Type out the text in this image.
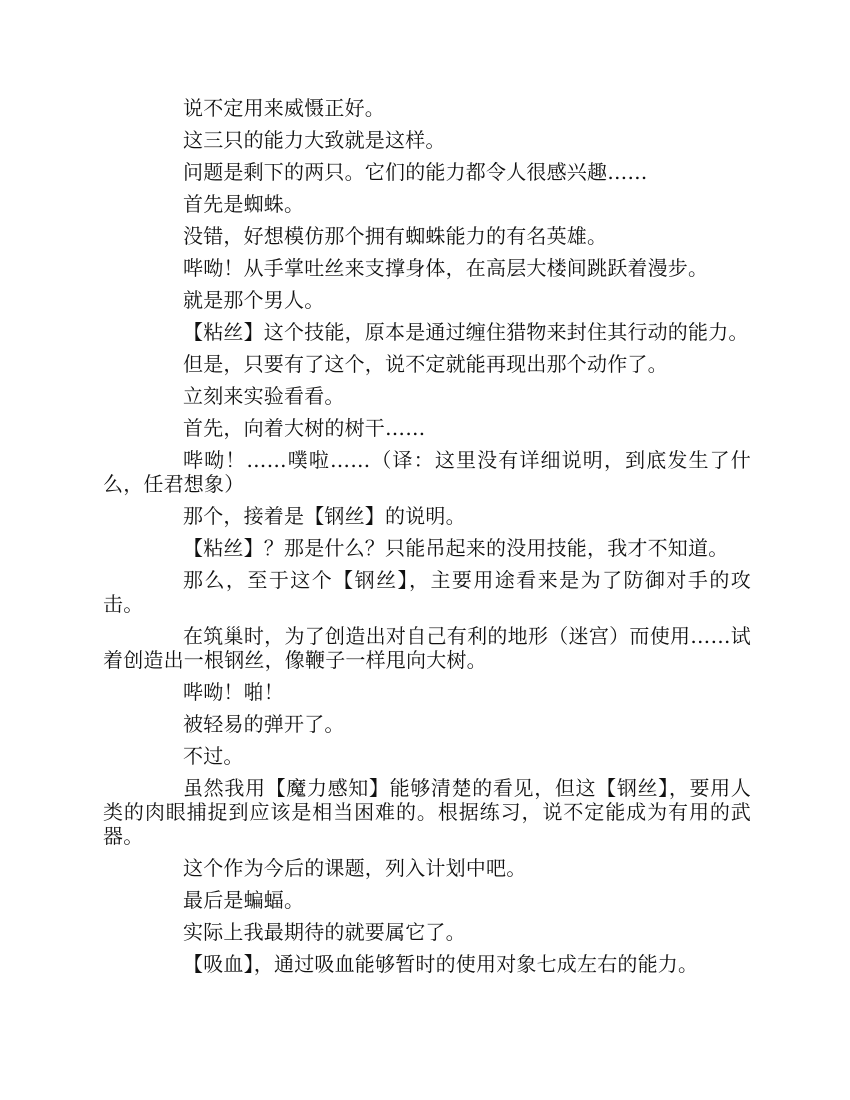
说不定用来威慑正好。

这三只的能力大致就是这样。

问题是剩下的两只。它们的能力都令人很感兴趣……

首先是蜘蛛。

没错，好想模仿那个拥有蜘蛛能力的有名英雄。

哔呦！从手掌吐丝来支撑身体，在高层大楼间跳跃着漫步。

就是那个男人。

【粘丝】这个技能，原本是通过缠住猎物来封住其行动的能力。

但是，只要有了这个，说不定就能再现出那个动作了。

立刻来实验看看。

首先，向着大树的树干……

哔呦！……噗啦……（译：这里没有详细说明，到底发生了什么，任君想象）

那个，接着是【钢丝】的说明。

【粘丝】？那是什么？只能吊起来的没用技能，我才不知道。

那么，至于这个【钢丝】，主要用途看来是为了防御对手的攻击。

在筑巢时，为了创造出对自己有利的地形（迷宫）而使用……试着创造出一根钢丝，像鞭子一样甩向大树。

哔呦！啪！

被轻易的弹开了。

不过。

虽然我用【魔力感知】能够清楚的看见，但这【钢丝】，要用人类的肉眼捕捉到应该是相当困难的。根据练习，说不定能成为有用的武器。

这个作为今后的课题，列入计划中吧。

最后是蝙蝠。

实际上我最期待的就要属它了。

【吸血】，通过吸血能够暂时的使用对象七成左右的能力。
